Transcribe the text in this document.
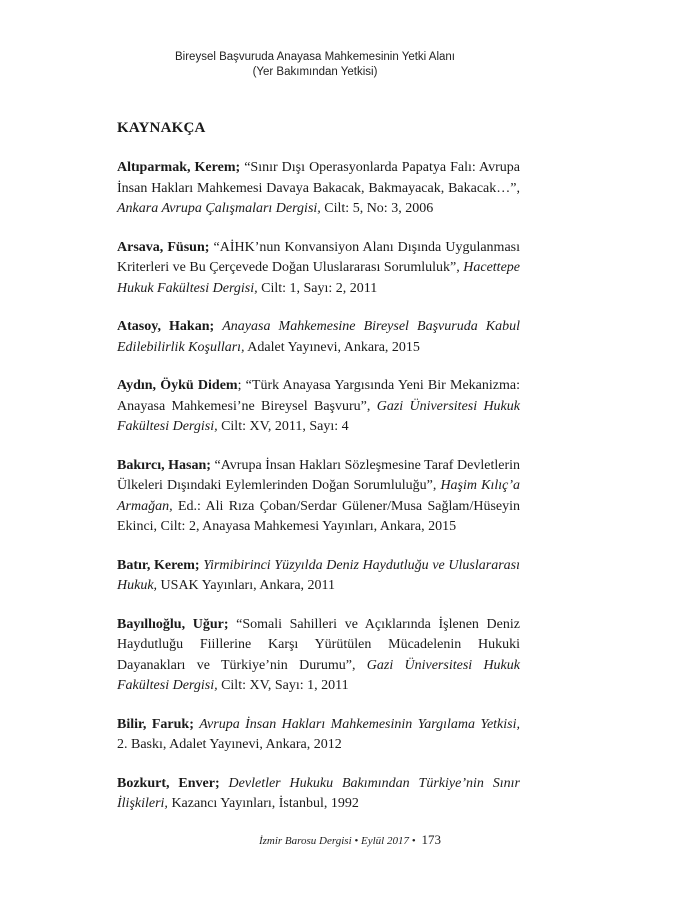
Bireysel Başvuruda Anayasa Mahkemesinin Yetki Alanı
(Yer Bakımından Yetkisi)
KAYNAKÇA

Altıparmak, Kerem; “Sınır Dışı Operasyonlarda Papatya Falı: Avrupa İnsan Hakları Mahkemesi Davaya Bakacak, Bakmayacak, Bakacak…”, Ankara Avrupa Çalışmaları Dergisi, Cilt: 5, No: 3, 2006

Arsava, Füsun; “AİHK’nun Konvansiyon Alanı Dışında Uygulanması Kriterleri ve Bu Çerçevede Doğan Uluslararası Sorumluluk”, Hacettepe Hukuk Fakültesi Dergisi, Cilt: 1, Sayı: 2, 2011

Atasoy, Hakan; Anayasa Mahkemesine Bireysel Başvuruda Kabul Edilebilirlik Koşulları, Adalet Yayınevi, Ankara, 2015

Aydın, Öykü Didem; “Türk Anayasa Yargısında Yeni Bir Mekanizma: Anayasa Mahkemesi’ne Bireysel Başvuru”, Gazi Üniversitesi Hukuk Fakültesi Dergisi, Cilt: XV, 2011, Sayı: 4

Bakırcı, Hasan; “Avrupa İnsan Hakları Sözleşmesine Taraf Devletlerin Ülkeleri Dışındaki Eylemlerinden Doğan Sorumluluğu”, Haşim Kılıç’a Armağan, Ed.: Ali Rıza Çoban/Serdar Gülener/Musa Sağlam/Hüseyin Ekinci, Cilt: 2, Anayasa Mahkemesi Yayınları, Ankara, 2015

Batır, Kerem; Yirmibirinci Yüzyılda Deniz Haydutluğu ve Uluslararası Hukuk, USAK Yayınları, Ankara, 2011

Bayıllıoğlu, Uğur; “Somali Sahilleri ve Açıklarında İşlenen Deniz Haydutluğu Fiillerine Karşı Yürütülen Mücadelenin Hukuki Dayanakları ve Türkiye’nin Durumu”, Gazi Üniversitesi Hukuk Fakültesi Dergisi, Cilt: XV, Sayı: 1, 2011

Bilir, Faruk; Avrupa İnsan Hakları Mahkemesinin Yargılama Yetkisi, 2. Baskı, Adalet Yayınevi, Ankara, 2012

Bozkurt, Enver; Devletler Hukuku Bakımından Türkiye’nin Sınır İlişkileri, Kazancı Yayınları, İstanbul, 1992

İzmir Barosu Dergisi • Eylül 2017 • 173
